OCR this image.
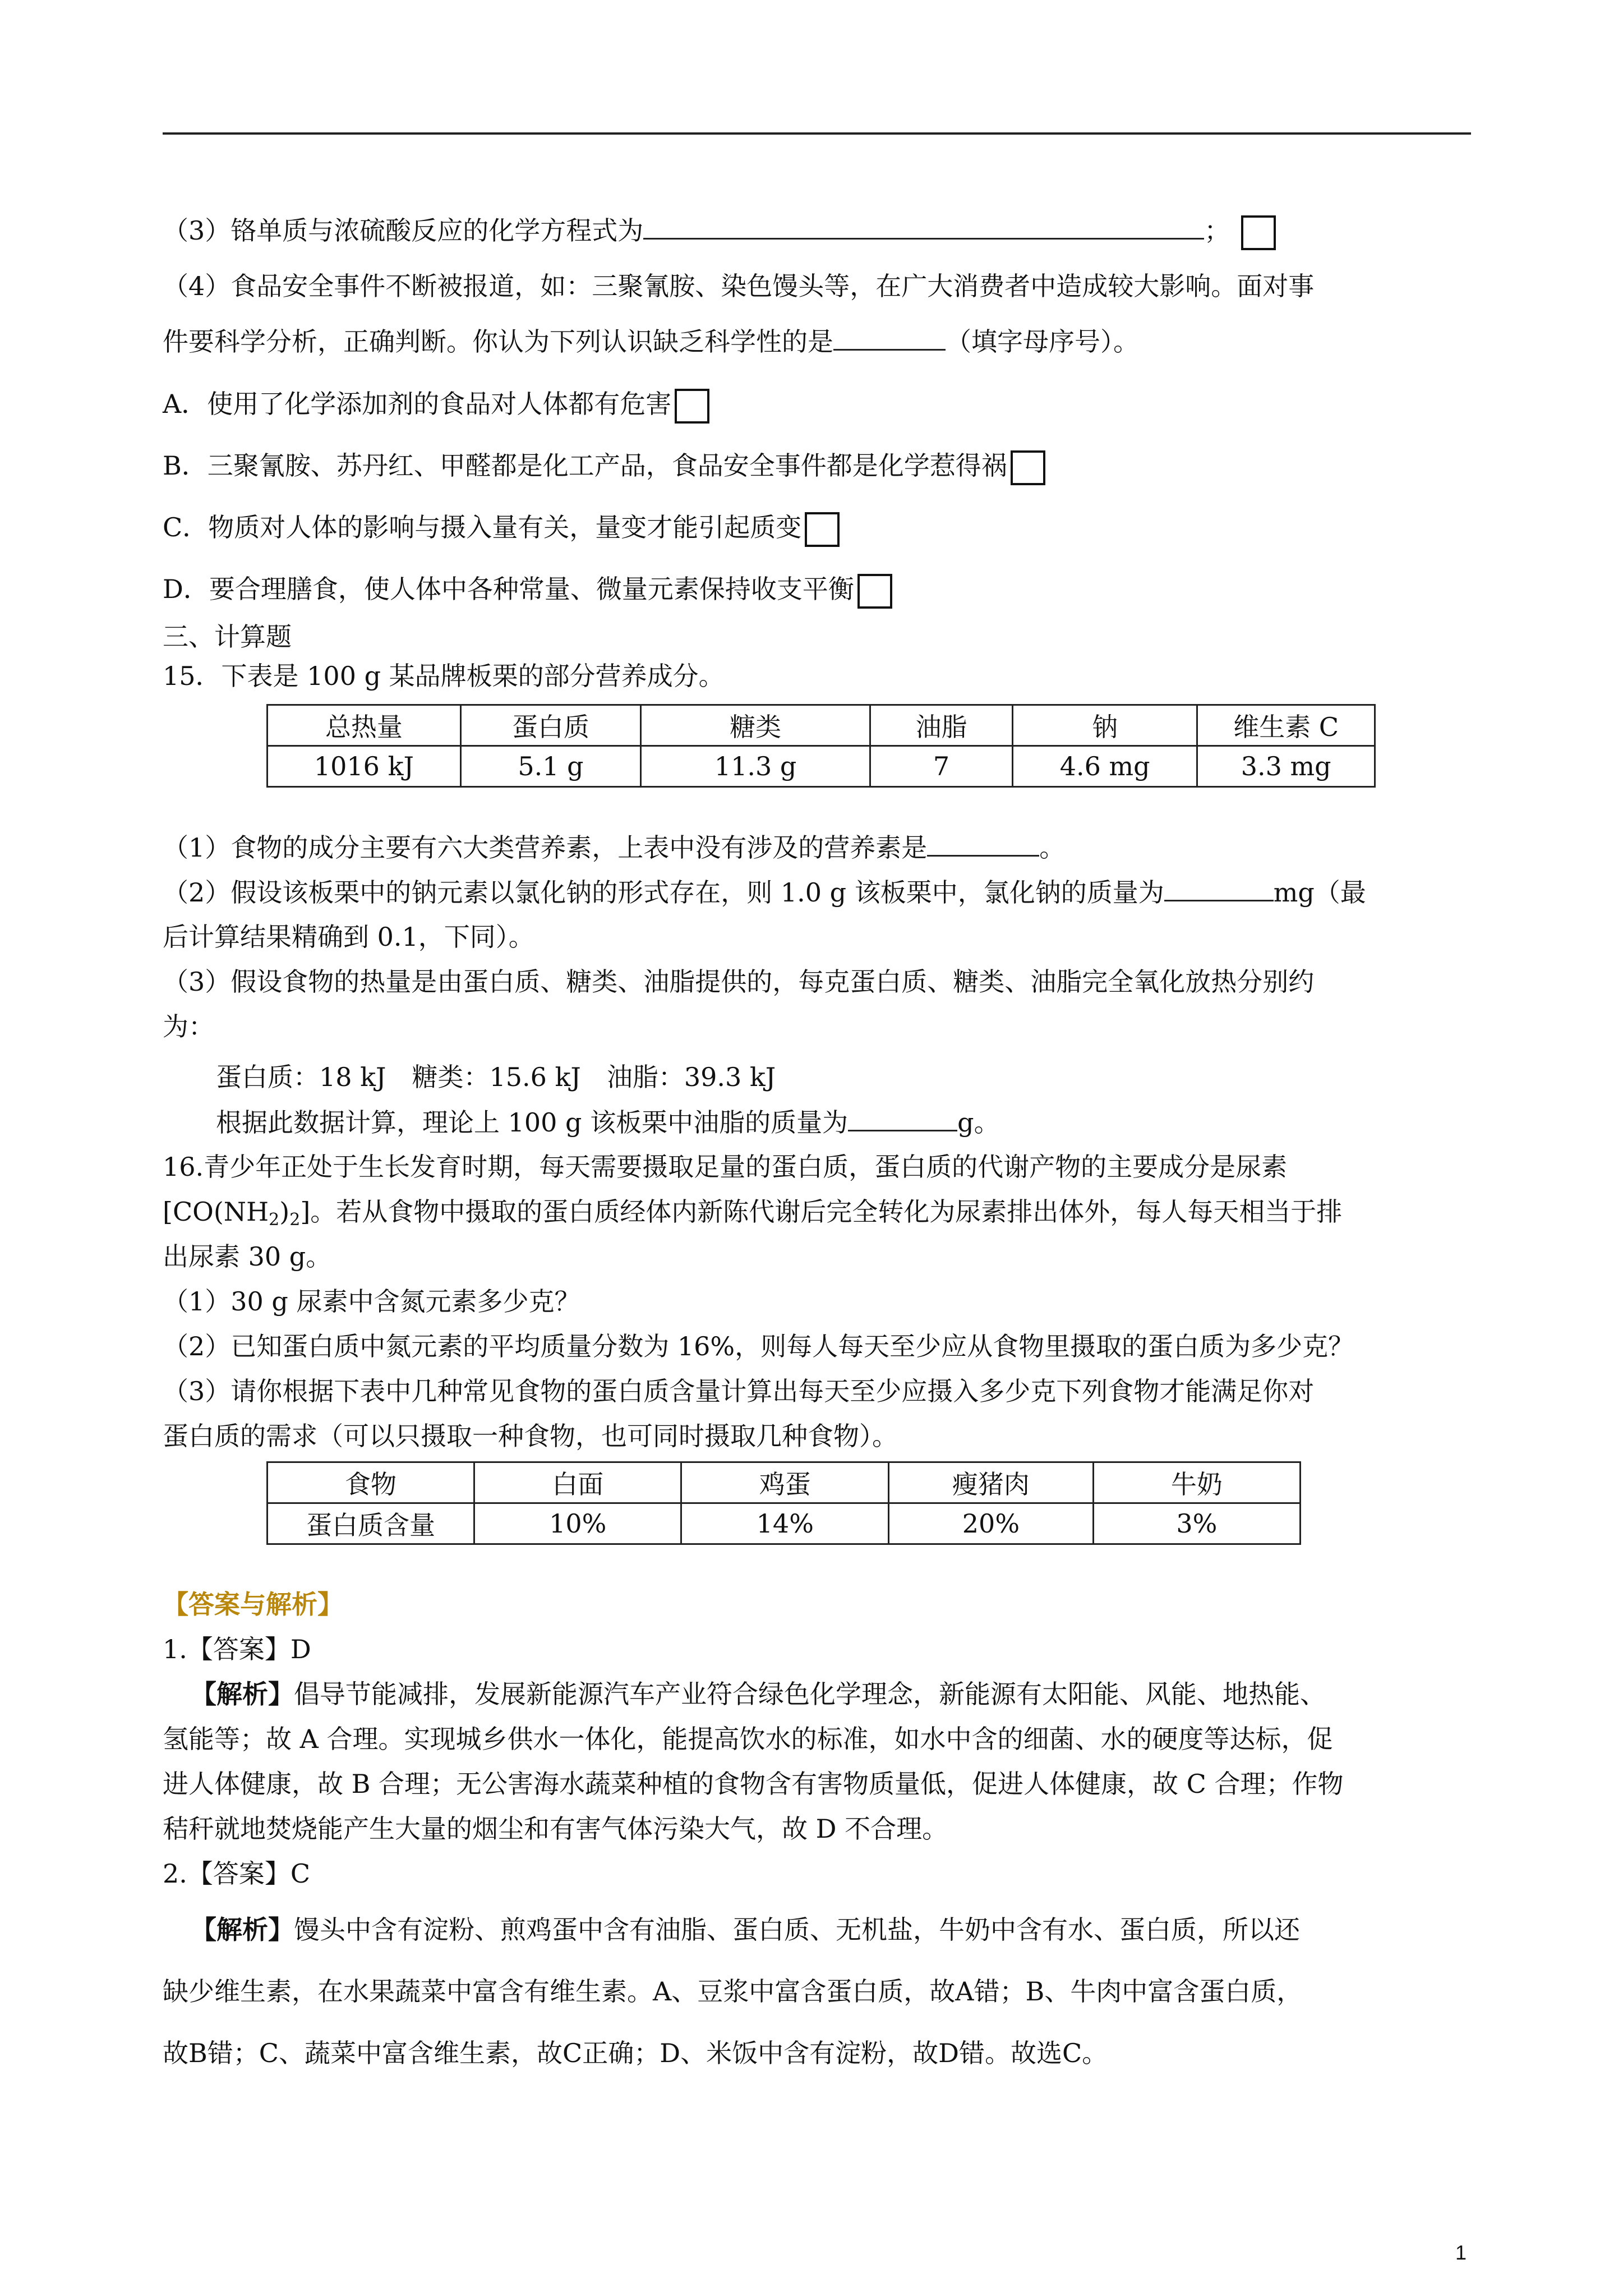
（3）铬单质与浓硫酸反应的化学方程式为	；
（4）食品安全事件不断被报道，如：三聚氰胺、染色馒头等，在广大消费者中造成较大影响。面对事
件要科学分析，正确判断。你认为下列认识缺乏科学性的是	（填字母序号）。
A．使用了化学添加剂的食品对人体都有危害
B．三聚氰胺、苏丹红、甲醛都是化工产品，食品安全事件都是化学惹得祸
C．物质对人体的影响与摄入量有关，量变才能引起质变
D．要合理膳食，使人体中各种常量、微量元素保持收支平衡
三、计算题
15．下表是 100 g 某品牌板栗的部分营养成分。
总热量	蛋白质	糖类	油脂	钠	维生素 C
1016 kJ	5.1 g	11.3 g	7	4.6 mg	3.3 mg
（1）食物的成分主要有六大类营养素，上表中没有涉及的营养素是	。
（2）假设该板栗中的钠元素以氯化钠的形式存在，则 1.0 g 该板栗中，氯化钠的质量为	mg（最
后计算结果精确到 0.1，下同）。
（3）假设食物的热量是由蛋白质、糖类、油脂提供的，每克蛋白质、糖类、油脂完全氧化放热分别约
为：
蛋白质：18 kJ　糖类：15.6 kJ　油脂：39.3 kJ
根据此数据计算，理论上 100 g 该板栗中油脂的质量为	g。
16.青少年正处于生长发育时期，每天需要摄取足量的蛋白质，蛋白质的代谢产物的主要成分是尿素
$[CO(NH_2)_2]$。若从食物中摄取的蛋白质经体内新陈代谢后完全转化为尿素排出体外，每人每天相当于排
出尿素 30 g。
（1）30 g 尿素中含氮元素多少克？
（2）已知蛋白质中氮元素的平均质量分数为 16%，则每人每天至少应从食物里摄取的蛋白质为多少克？
（3）请你根据下表中几种常见食物的蛋白质含量计算出每天至少应摄入多少克下列食物才能满足你对
蛋白质的需求（可以只摄取一种食物，也可同时摄取几种食物）。
食物	白面	鸡蛋	瘦猪肉	牛奶
蛋白质含量	10%	14%	20%	3%
【答案与解析】
1.【答案】D
【解析】倡导节能减排，发展新能源汽车产业符合绿色化学理念，新能源有太阳能、风能、地热能、
氢能等；故 A 合理。实现城乡供水一体化，能提高饮水的标准，如水中含的细菌、水的硬度等达标，促
进人体健康，故 B 合理；无公害海水蔬菜种植的食物含有害物质量低，促进人体健康，故 C 合理；作物
秸秆就地焚烧能产生大量的烟尘和有害气体污染大气，故 D 不合理。
2.【答案】C
【解析】馒头中含有淀粉、煎鸡蛋中含有油脂、蛋白质、无机盐，牛奶中含有水、蛋白质，所以还
缺少维生素，在水果蔬菜中富含有维生素。A、豆浆中富含蛋白质，故A错；B、牛肉中富含蛋白质，
故B错；C、蔬菜中富含维生素，故C正确；D、米饭中含有淀粉，故D错。故选C。
1
